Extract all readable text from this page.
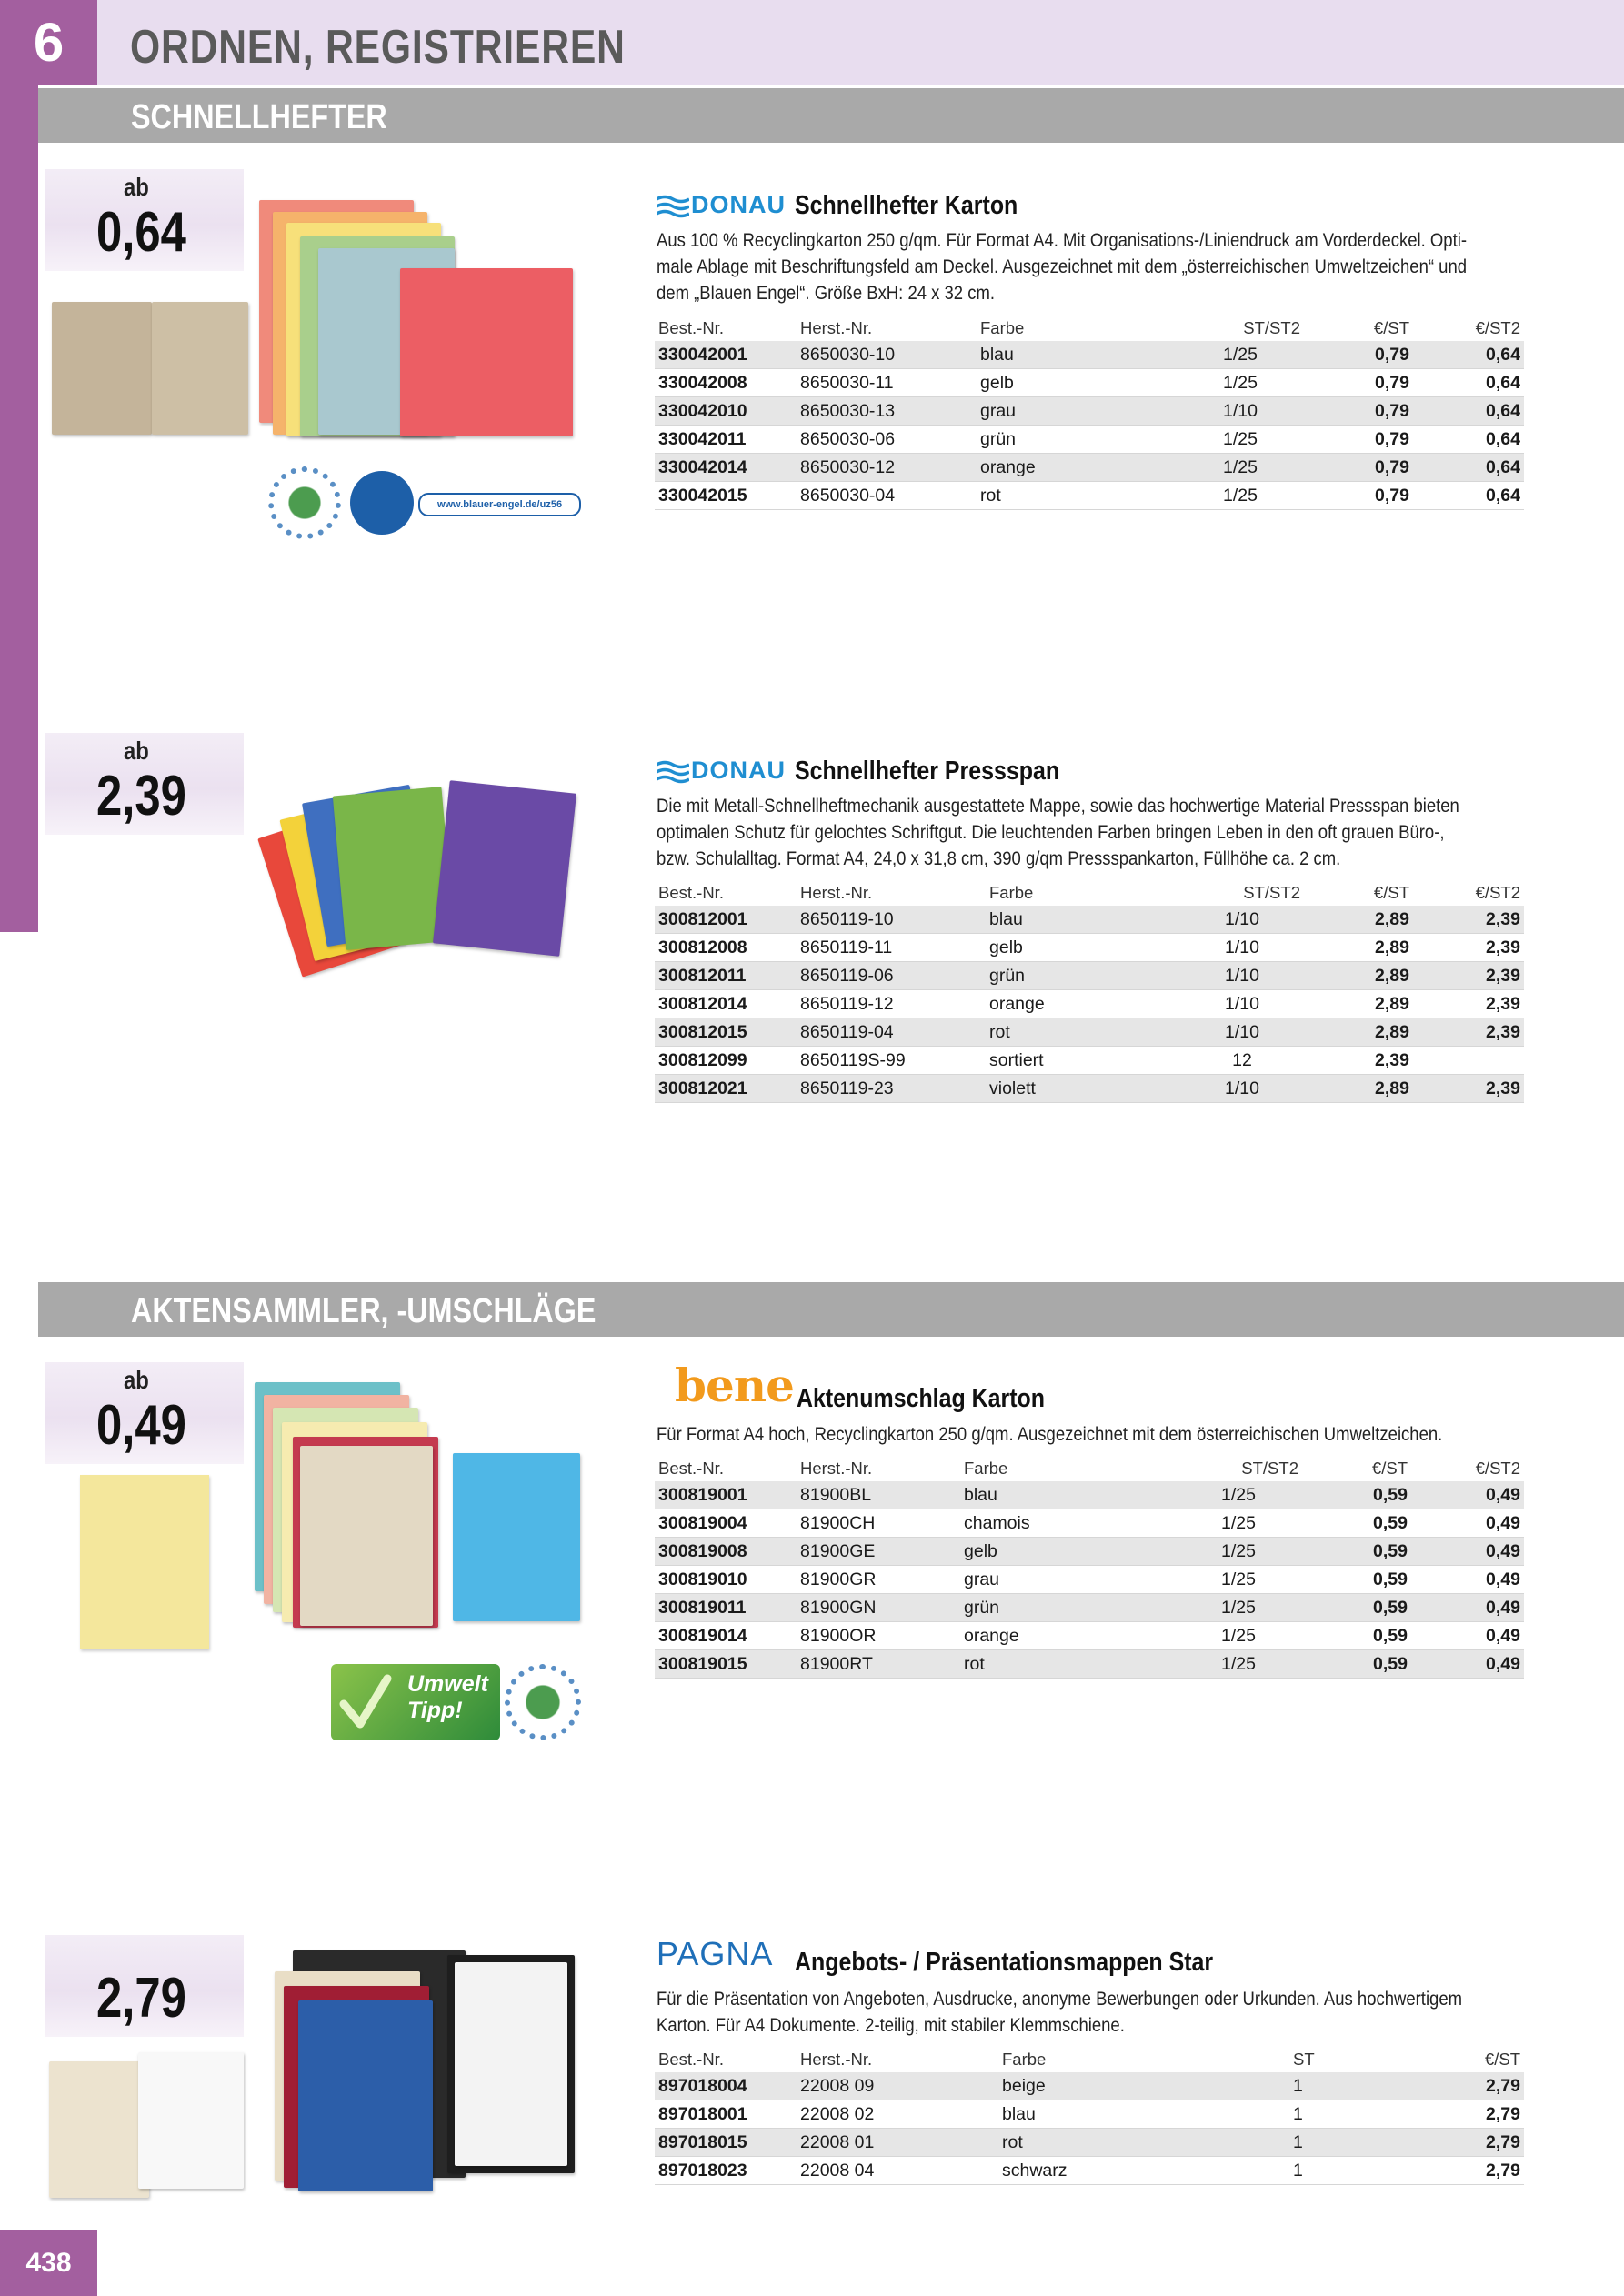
6	ORDNEN, REGISTRIEREN
SCHNELLHEFTER
ab
0,64
www.blauer-engel.de/uz56
DONAU Schnellhefter Karton
Aus 100 % Recyclingkarton 250 g/qm. Für Format A4. Mit Organisations-/Liniendruck am Vorderdeckel. Opti-
male Ablage mit Beschriftungsfeld am Deckel. Ausgezeichnet mit dem „österreichischen Umweltzeichen“ und
dem „Blauen Engel“. Größe BxH: 24 x 32 cm.
Best.-Nr.	Herst.-Nr.	Farbe	ST/ST2	€/ST	€/ST2
330042001	8650030-10	blau	1/25	0,79	0,64
330042008	8650030-11	gelb	1/25	0,79	0,64
330042010	8650030-13	grau	1/10	0,79	0,64
330042011	8650030-06	grün	1/25	0,79	0,64
330042014	8650030-12	orange	1/25	0,79	0,64
330042015	8650030-04	rot	1/25	0,79	0,64
ab
2,39	DONAU Schnellhefter Pressspan
Die mit Metall-Schnellheftmechanik ausgestattete Mappe, sowie das hochwertige Material Pressspan bieten
optimalen Schutz für gelochtes Schriftgut. Die leuchtenden Farben bringen Leben in den oft grauen Büro-,
bzw. Schulalltag. Format A4, 24,0 x 31,8 cm, 390 g/qm Pressspankarton, Füllhöhe ca. 2 cm.
Best.-Nr.	Herst.-Nr.	Farbe	ST/ST2	€/ST	€/ST2
300812001	8650119-10	blau	1/10	2,89	2,39
300812008	8650119-11	gelb	1/10	2,89	2,39
300812011	8650119-06	grün	1/10	2,89	2,39
300812014	8650119-12	orange	1/10	2,89	2,39
300812015	8650119-04	rot	1/10	2,89	2,39
300812099	8650119S-99	sortiert	12	2,39	
300812021	8650119-23	violett	1/10	2,89	2,39
AKTENSAMMLER, -UMSCHLÄGE
ab
0,49
Umwelt
Tipp!
bene Aktenumschlag Karton
Für Format A4 hoch, Recyclingkarton 250 g/qm. Ausgezeichnet mit dem österreichischen Umweltzeichen.
Best.-Nr.	Herst.-Nr.	Farbe	ST/ST2	€/ST	€/ST2
300819001	81900BL	blau	1/25	0,59	0,49
300819004	81900CH	chamois	1/25	0,59	0,49
300819008	81900GE	gelb	1/25	0,59	0,49
300819010	81900GR	grau	1/25	0,59	0,49
300819011	81900GN	grün	1/25	0,59	0,49
300819014	81900OR	orange	1/25	0,59	0,49
300819015	81900RT	rot	1/25	0,59	0,49
2,79
PAGNA Angebots- / Präsentationsmappen Star
Für die Präsentation von Angeboten, Ausdrucke, anonyme Bewerbungen oder Urkunden. Aus hochwertigem
Karton. Für A4 Dokumente. 2-teilig, mit stabiler Klemmschiene.
Best.-Nr.	Herst.-Nr.	Farbe	ST	€/ST
897018004	22008 09	beige	1	2,79
897018001	22008 02	blau	1	2,79
897018015	22008 01	rot	1	2,79
897018023	22008 04	schwarz	1	2,79
438
